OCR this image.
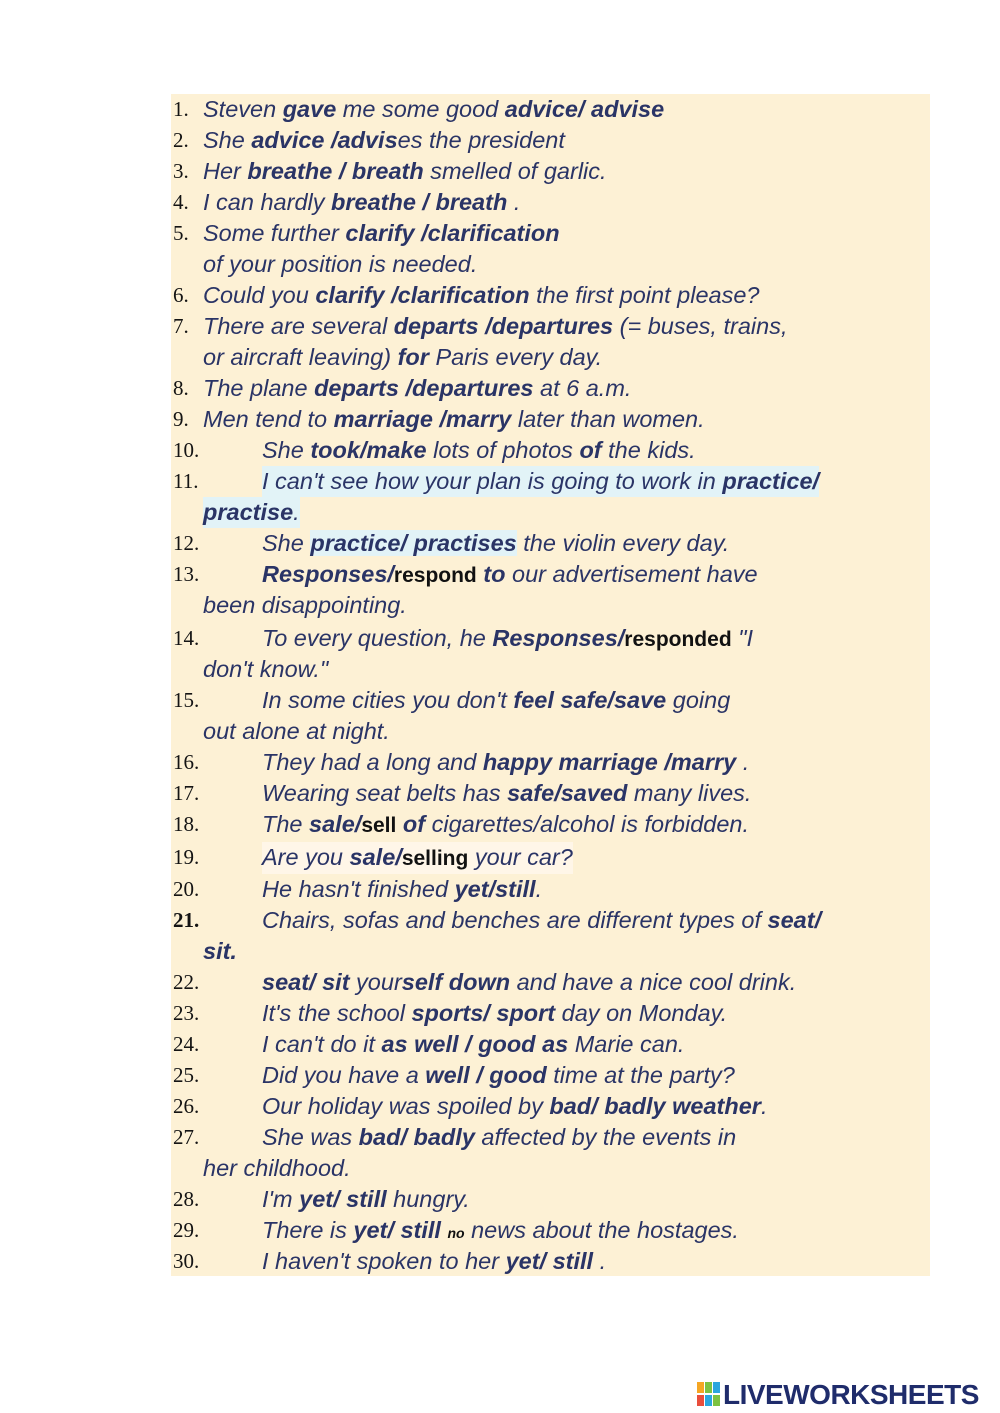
1. Steven gave me some good advice/ advise
2. She advice /advises the president
3. Her breathe / breath smelled of garlic.
4. I can hardly breathe / breath .
5. Some further clarify /clarification
of your position is needed.
6. Could you clarify /clarification the first point please?
7. There are several departs /departures (= buses, trains,
or aircraft leaving) for Paris every day.
8. The plane departs /departures at 6 a.m.
9. Men tend to marriage /marry later than women.
10.	She took/make lots of photos of the kids.
11.	I can't see how your plan is going to work in practice/
practise.
12.	She practice/ practises the violin every day.
13.	Responses/respond to our advertisement have
been disappointing.
14.	To every question, he Responses/responded "I
don't know."
15.	In some cities you don't feel safe/save going
out alone at night.
16.	They had a long and happy marriage /marry .
17.	Wearing seat belts has safe/saved many lives.
18.	The sale/sell of cigarettes/alcohol is forbidden.
19.	Are you sale/selling your car?
20.	He hasn't finished yet/still.
21.	Chairs, sofas and benches are different types of seat/
sit.
22.	seat/ sit yourself down and have a nice cool drink.
23.	It's the school sports/ sport day on Monday.
24.	I can't do it as well / good as Marie can.
25.	Did you have a well / good time at the party?
26.	Our holiday was spoiled by bad/ badly weather.
27.	She was bad/ badly affected by the events in
her childhood.
28.	I'm yet/ still hungry.
29.	There is yet/ still no news about the hostages.
30.	I haven't spoken to her yet/ still .
LIVEWORKSHEETS
